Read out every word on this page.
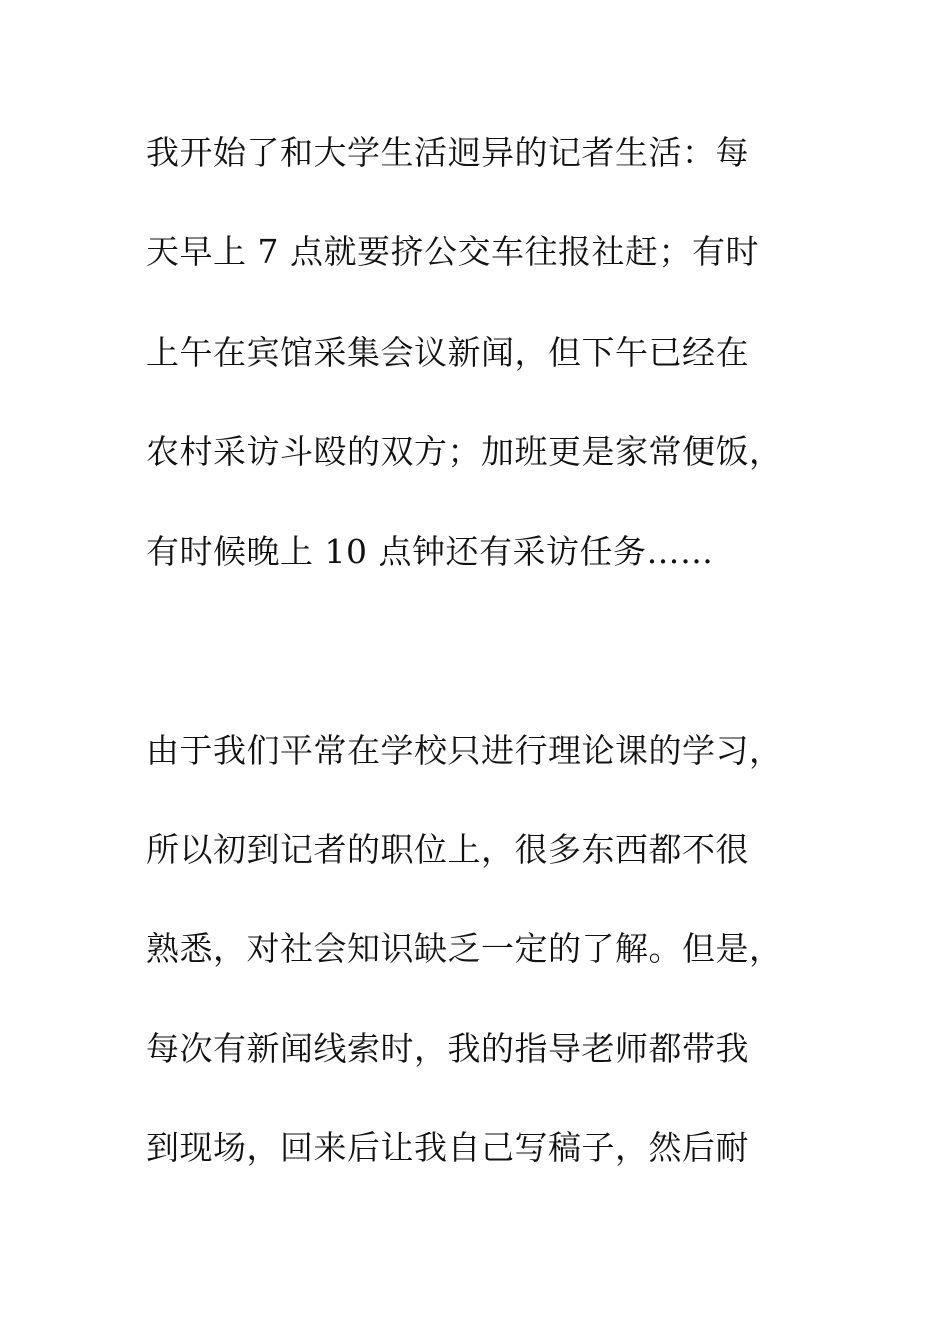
我开始了和大学生活迥异的记者生活：每
天早上 7 点就要挤公交车往报社赶；有时
上午在宾馆采集会议新闻，但下午已经在
农村采访斗殴的双方；加班更是家常便饭，
有时候晚上 10 点钟还有采访任务……
由于我们平常在学校只进行理论课的学习，
所以初到记者的职位上，很多东西都不很
熟悉，对社会知识缺乏一定的了解。但是，
每次有新闻线索时，我的指导老师都带我
到现场，回来后让我自己写稿子，然后耐
